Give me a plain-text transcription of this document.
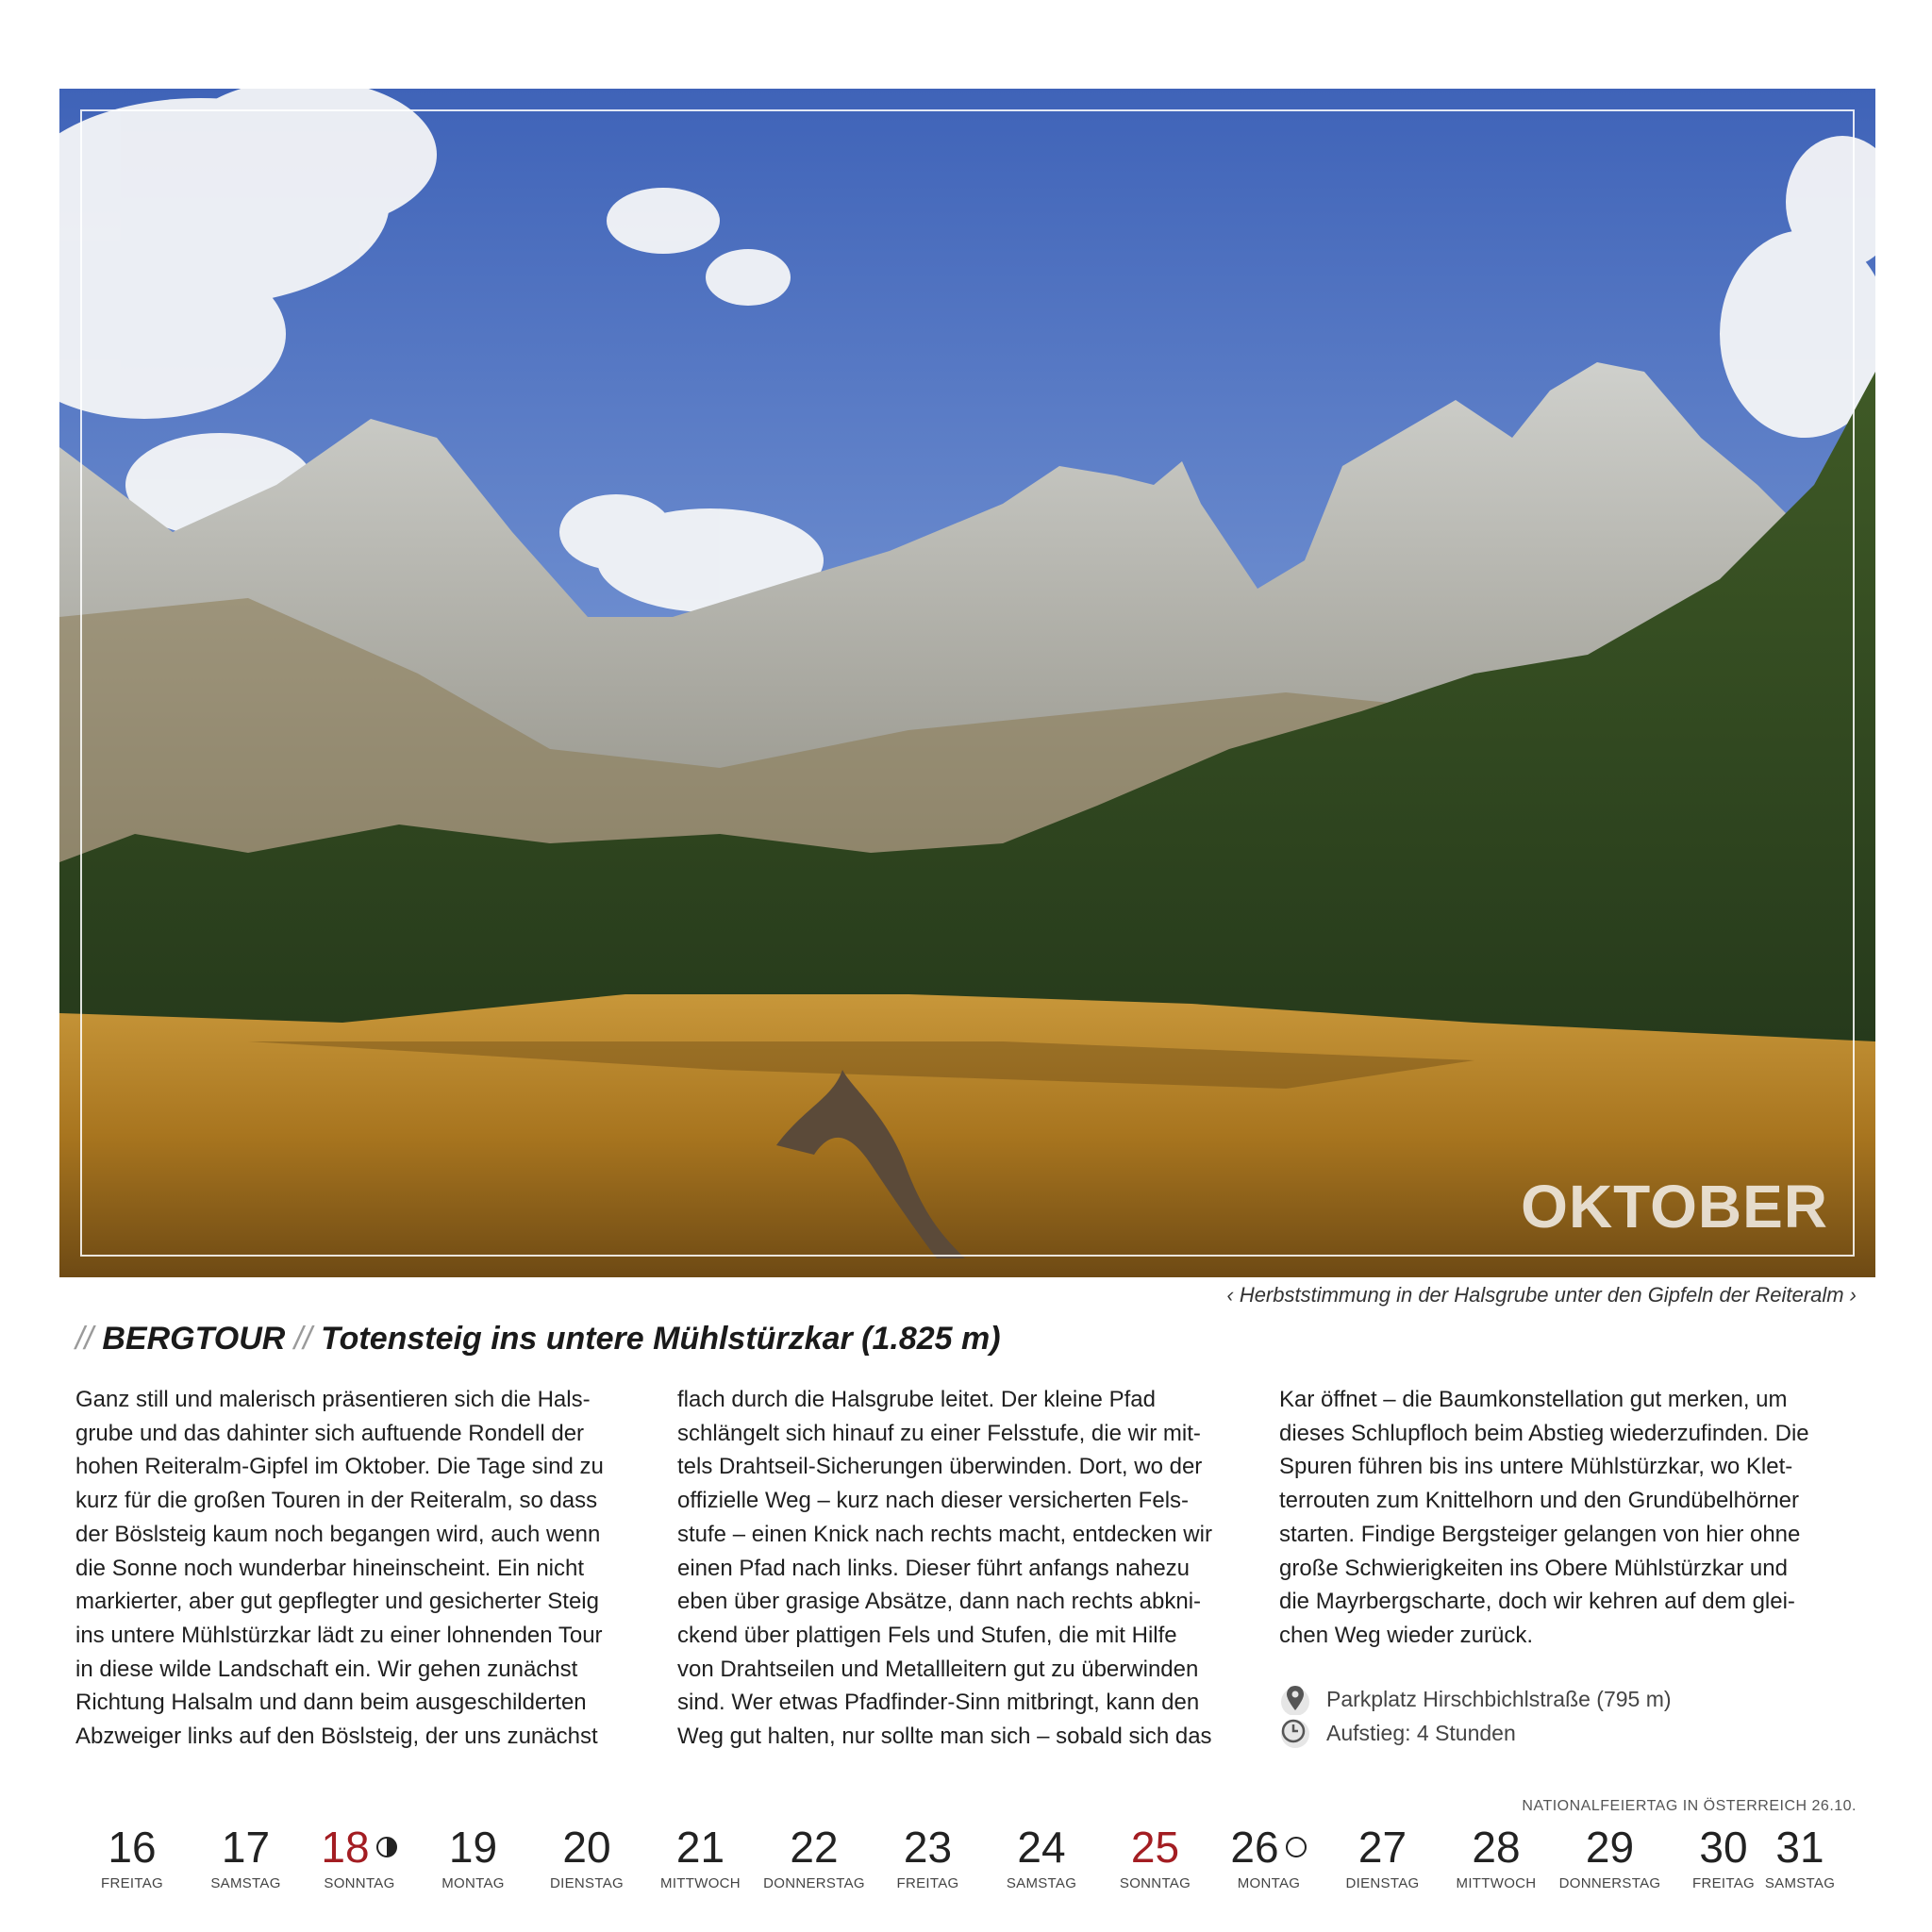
OKTOBER
‹ Herbststimmung in der Halsgrube unter den Gipfeln der Reiteralm ›
// BERGTOUR // Totensteig ins untere Mühlstürzkar (1.825 m)
Ganz still und malerisch präsentieren sich die Hals-
grube und das dahinter sich auftuende Rondell der
hohen Reiteralm-Gipfel im Oktober. Die Tage sind zu
kurz für die großen Touren in der Reiteralm, so dass
der Böslsteig kaum noch begangen wird, auch wenn
die Sonne noch wunderbar hineinscheint. Ein nicht
markierter, aber gut gepflegter und gesicherter Steig
ins untere Mühlstürzkar lädt zu einer lohnenden Tour
in diese wilde Landschaft ein. Wir gehen zunächst
Richtung Halsalm und dann beim ausgeschilderten
Abzweiger links auf den Böslsteig, der uns zunächst
flach durch die Halsgrube leitet. Der kleine Pfad
schlängelt sich hinauf zu einer Felsstufe, die wir mit-
tels Drahtseil-Sicherungen überwinden. Dort, wo der
offizielle Weg – kurz nach dieser versicherten Fels-
stufe – einen Knick nach rechts macht, entdecken wir
einen Pfad nach links. Dieser führt anfangs nahezu
eben über grasige Absätze, dann nach rechts abkni-
ckend über plattigen Fels und Stufen, die mit Hilfe
von Drahtseilen und Metallleitern gut zu überwinden
sind. Wer etwas Pfadfinder-Sinn mitbringt, kann den
Weg gut halten, nur sollte man sich – sobald sich das
Kar öffnet – die Baumkonstellation gut merken, um
dieses Schlupfloch beim Abstieg wiederzufinden. Die
Spuren führen bis ins untere Mühlstürzkar, wo Klet-
terrouten zum Knittelhorn und den Grundübelhörner
starten. Findige Bergsteiger gelangen von hier ohne
große Schwierigkeiten ins Obere Mühlstürzkar und
die Mayrbergscharte, doch wir kehren auf dem glei-
chen Weg wieder zurück.
Parkplatz Hirschbichlstraße (795 m)
Aufstieg: 4 Stunden
NATIONALFEIERTAG IN ÖSTERREICH 26.10.
16
FREITAG
17
SAMSTAG
18
SONNTAG
19
MONTAG
20
DIENSTAG
21
MITTWOCH
22
DONNERSTAG
23
FREITAG
24
SAMSTAG
25
SONNTAG
26
MONTAG
27
DIENSTAG
28
MITTWOCH
29
DONNERSTAG
30
FREITAG
31
SAMSTAG
